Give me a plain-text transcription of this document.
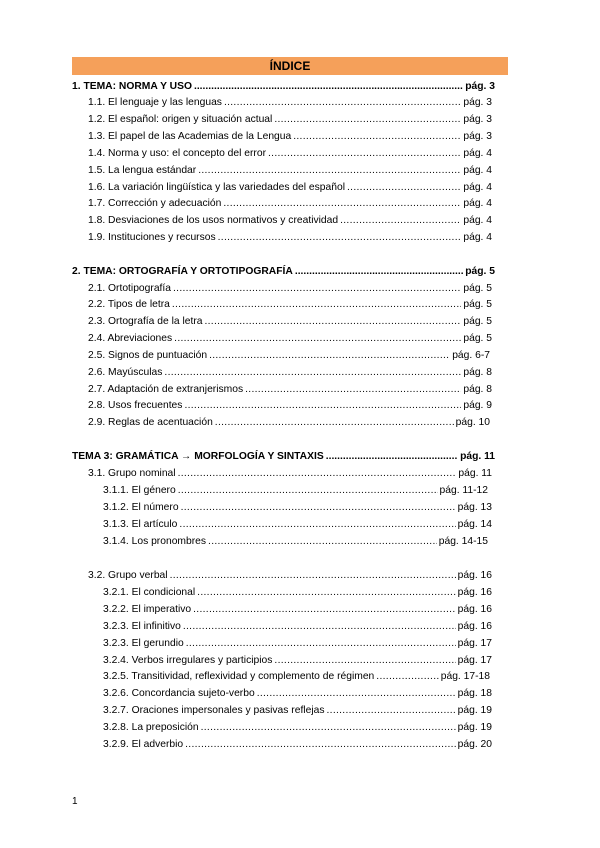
ÍNDICE
1. TEMA: NORMA Y USO .....	pág. 3
1.1. El lenguaje y las lenguas .....	pág. 3
1.2. El español: origen y situación actual .....	pág. 3
1.3. El papel de las Academias de la Lengua .....	pág. 3
1.4. Norma y uso: el concepto del error .....	pág. 4
1.5. La lengua estándar .....	pág. 4
1.6. La variación lingüística y las variedades del español .....	pág. 4
1.7. Corrección y adecuación .....	pág. 4
1.8. Desviaciones de los usos normativos y creatividad .....	pág. 4
1.9. Instituciones y recursos .....	pág. 4
2. TEMA: ORTOGRAFÍA Y ORTOTIPOGRAFÍA .....	pág. 5
2.1. Ortotipografía .....	pág. 5
2.2. Tipos de letra .....	pág. 5
2.3. Ortografía de la letra .....	pág. 5
2.4. Abreviaciones .....	pág. 5
2.5. Signos de puntuación .....	pág. 6-7
2.6. Mayúsculas .....	pág. 8
2.7. Adaptación de extranjerismos .....	pág. 8
2.8. Usos frecuentes .....	pág. 9
2.9. Reglas de acentuación .....	pág. 10
TEMA 3: GRAMÁTICA → MORFOLOGÍA Y SINTAXIS .....	pág. 11
3.1. Grupo nominal .....	pág. 11
3.1.1. El género .....	pág. 11-12
3.1.2. El número .....	pág. 13
3.1.3. El artículo .....	pág. 14
3.1.4. Los pronombres .....	pág. 14-15
3.2. Grupo verbal .....	pág. 16
3.2.1. El condicional .....	pág. 16
3.2.2. El imperativo .....	pág. 16
3.2.3. El infinitivo .....	pág. 16
3.2.3. El gerundio .....	pág. 17
3.2.4. Verbos irregulares y participios .....	pág. 17
3.2.5. Transitividad, reflexividad y complemento de régimen .....	pág. 17-18
3.2.6. Concordancia sujeto-verbo .....	pág. 18
3.2.7. Oraciones impersonales y pasivas reflejas .....	pág. 19
3.2.8. La preposición .....	pág. 19
3.2.9. El adverbio .....	pág. 20
1
